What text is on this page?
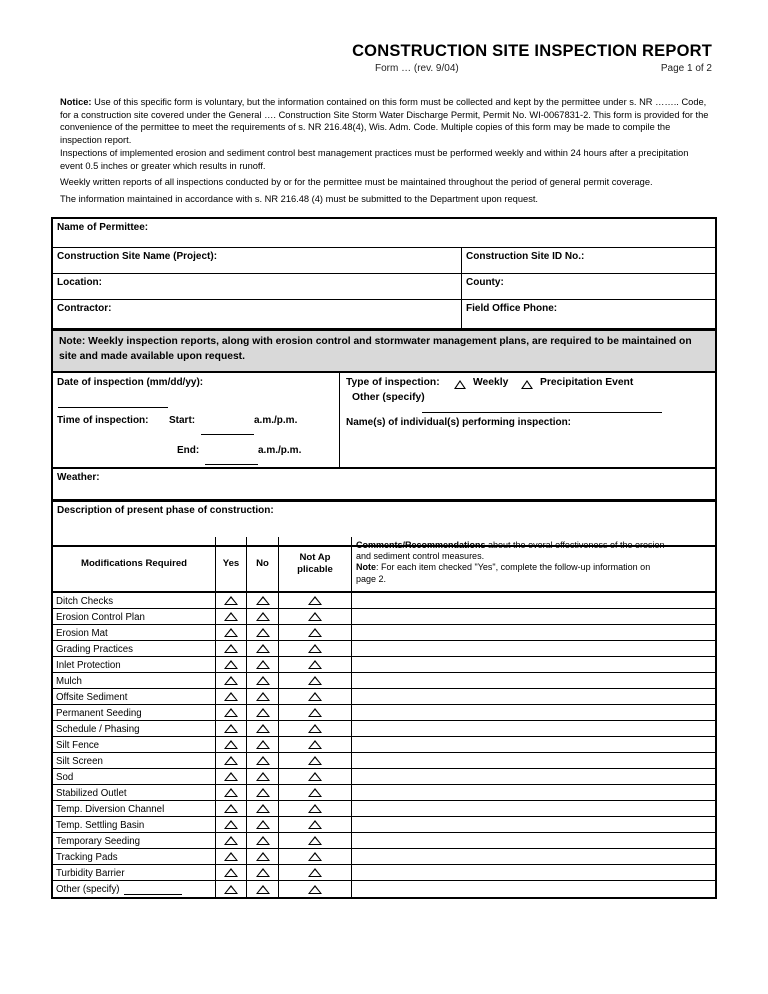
CONSTRUCTION SITE INSPECTION REPORT
Form … (rev. 9/04)	Page 1 of 2
Notice: Use of this specific form is voluntary, but the information contained on this form must be collected and kept by the permittee under s. NR …….. Code, for a construction site covered under the General …. Construction Site Storm Water Discharge Permit, Permit No. WI-0067831-2. This form is provided for the convenience of the permittee to meet the requirements of s. NR 216.48(4), Wis. Adm. Code. Multiple copies of this form may be made to compile the inspection report.
Inspections of implemented erosion and sediment control best management practices must be performed weekly and within 24 hours after a precipitation event 0.5 inches or greater which results in runoff.
Weekly written reports of all inspections conducted by or for the permittee must be maintained throughout the period of general permit coverage.
The information maintained in accordance with s. NR 216.48 (4) must be submitted to the Department upon request.
Name of Permittee:
Construction Site Name (Project):	Construction Site ID No.:
Location:	County:
Contractor:	Field Office Phone:
Note: Weekly inspection reports, along with erosion control and stormwater management plans, are required to be maintained on site and made available upon request.
Date of inspection (mm/dd/yy):
Time of inspection: Start:	a.m./p.m.
End:	a.m./p.m.
Type of inspection:	Weekly	Precipitation Event
Other (specify)
Name(s) of individual(s) performing inspection:
Weather:
Description of present phase of construction:
Modifications Required	Yes	No
Not Ap
plicable
Comments/Recommendations about the overal effectiveness of the erosion
and sediment control measures.
Note: For each item checked "Yes", complete the follow-up information on
page 2.
Ditch Checks
Erosion Control Plan
Erosion Mat
Grading Practices
Inlet Protection
Mulch
Offsite Sediment
Permanent Seeding
Schedule / Phasing
Silt Fence
Silt Screen
Sod
Stabilized Outlet
Temp. Diversion Channel
Temp. Settling Basin
Temporary Seeding
Tracking Pads
Turbidity Barrier
Other (specify)
